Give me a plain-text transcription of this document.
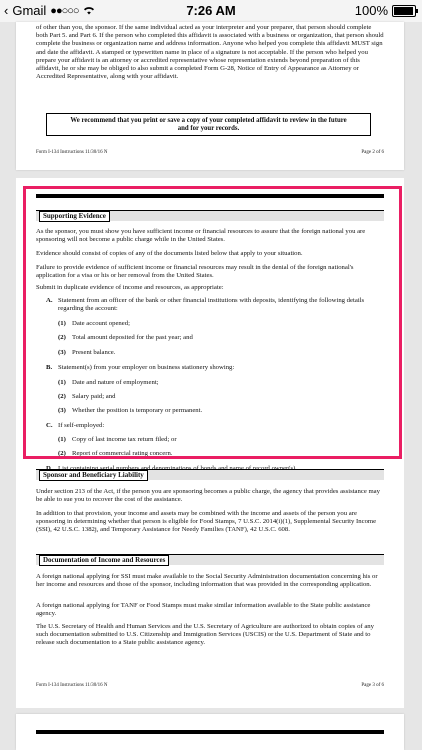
‹ Gmail ●●○○○	7:26 AM	100%

of other than you, the sponsor. If the same individual acted as your interpreter and your preparer, that person should complete both Part 5. and Part 6. If the person who completed this affidavit is associated with a business or organization, that person should complete the business or organization name and address information. Anyone who helped you complete this affidavit MUST sign and date the affidavit. A stamped or typewritten name in place of a signature is not acceptable. If the person who helped you prepare your affidavit is an attorney or accredited representative whose representation extends beyond preparation of this affidavit, he or she may be obliged to also submit a completed Form G-28, Notice of Entry of Appearance as Attorney or Accredited Representative, along with your affidavit.

We recommend that you print or save a copy of your completed affidavit to review in the future and for your records.
Form I-134 Instructions 11/30/16 N	Page 2 of 6
Supporting Evidence

As the sponsor, you must show you have sufficient income or financial resources to assure that the foreign national you are sponsoring will not become a public charge while in the United States.

Evidence should consist of copies of any of the documents listed below that apply to your situation.

Failure to provide evidence of sufficient income or financial resources may result in the denial of the foreign national's application for a visa or his or her removal from the United States.

Submit in duplicate evidence of income and resources, as appropriate:

A. Statement from an officer of the bank or other financial institutions with deposits, identifying the following details regarding the account:

(1) Date account opened;
(2) Total amount deposited for the past year; and
(3) Present balance.
B. Statement(s) from your employer on business stationery showing:
(1) Date and nature of employment;
(2) Salary paid; and
(3) Whether the position is temporary or permanent.
C. If self-employed:
(1) Copy of last income tax return filed; or
(2) Report of commercial rating concern.
Sponsor and Beneficiary Liability

Under section 213 of the Act, if the person you are sponsoring becomes a public charge, the agency that provides assistance may be able to sue you to recover the cost of the assistance.

In addition to that provision, your income and assets may be combined with the income and assets of the person you are sponsoring in determining whether that person is eligible for Food Stamps, 7 U.S.C. 2014(i)(1), Supplemental Security Income (SSI), 42 U.S.C. 1382j, and Temporary Assistance for Needy Families (TANF), 42 U.S.C. 608.

Documentation of Income and Resources

A foreign national applying for SSI must make available to the Social Security Administration documentation concerning his or her income and resources and those of the sponsor, including information that was provided in the corresponding application.

A foreign national applying for TANF or Food Stamps must make similar information available to the State public assistance agency.

The U.S. Secretary of Health and Human Services and the U.S. Secretary of Agriculture are authorized to obtain copies of any such documentation submitted to U.S. Citizenship and Immigration Services (USCIS) or the U.S. Department of State and to release such documentation to a State public assistance agency.

Form I-134 Instructions 11/30/16 N	Page 3 of 6
